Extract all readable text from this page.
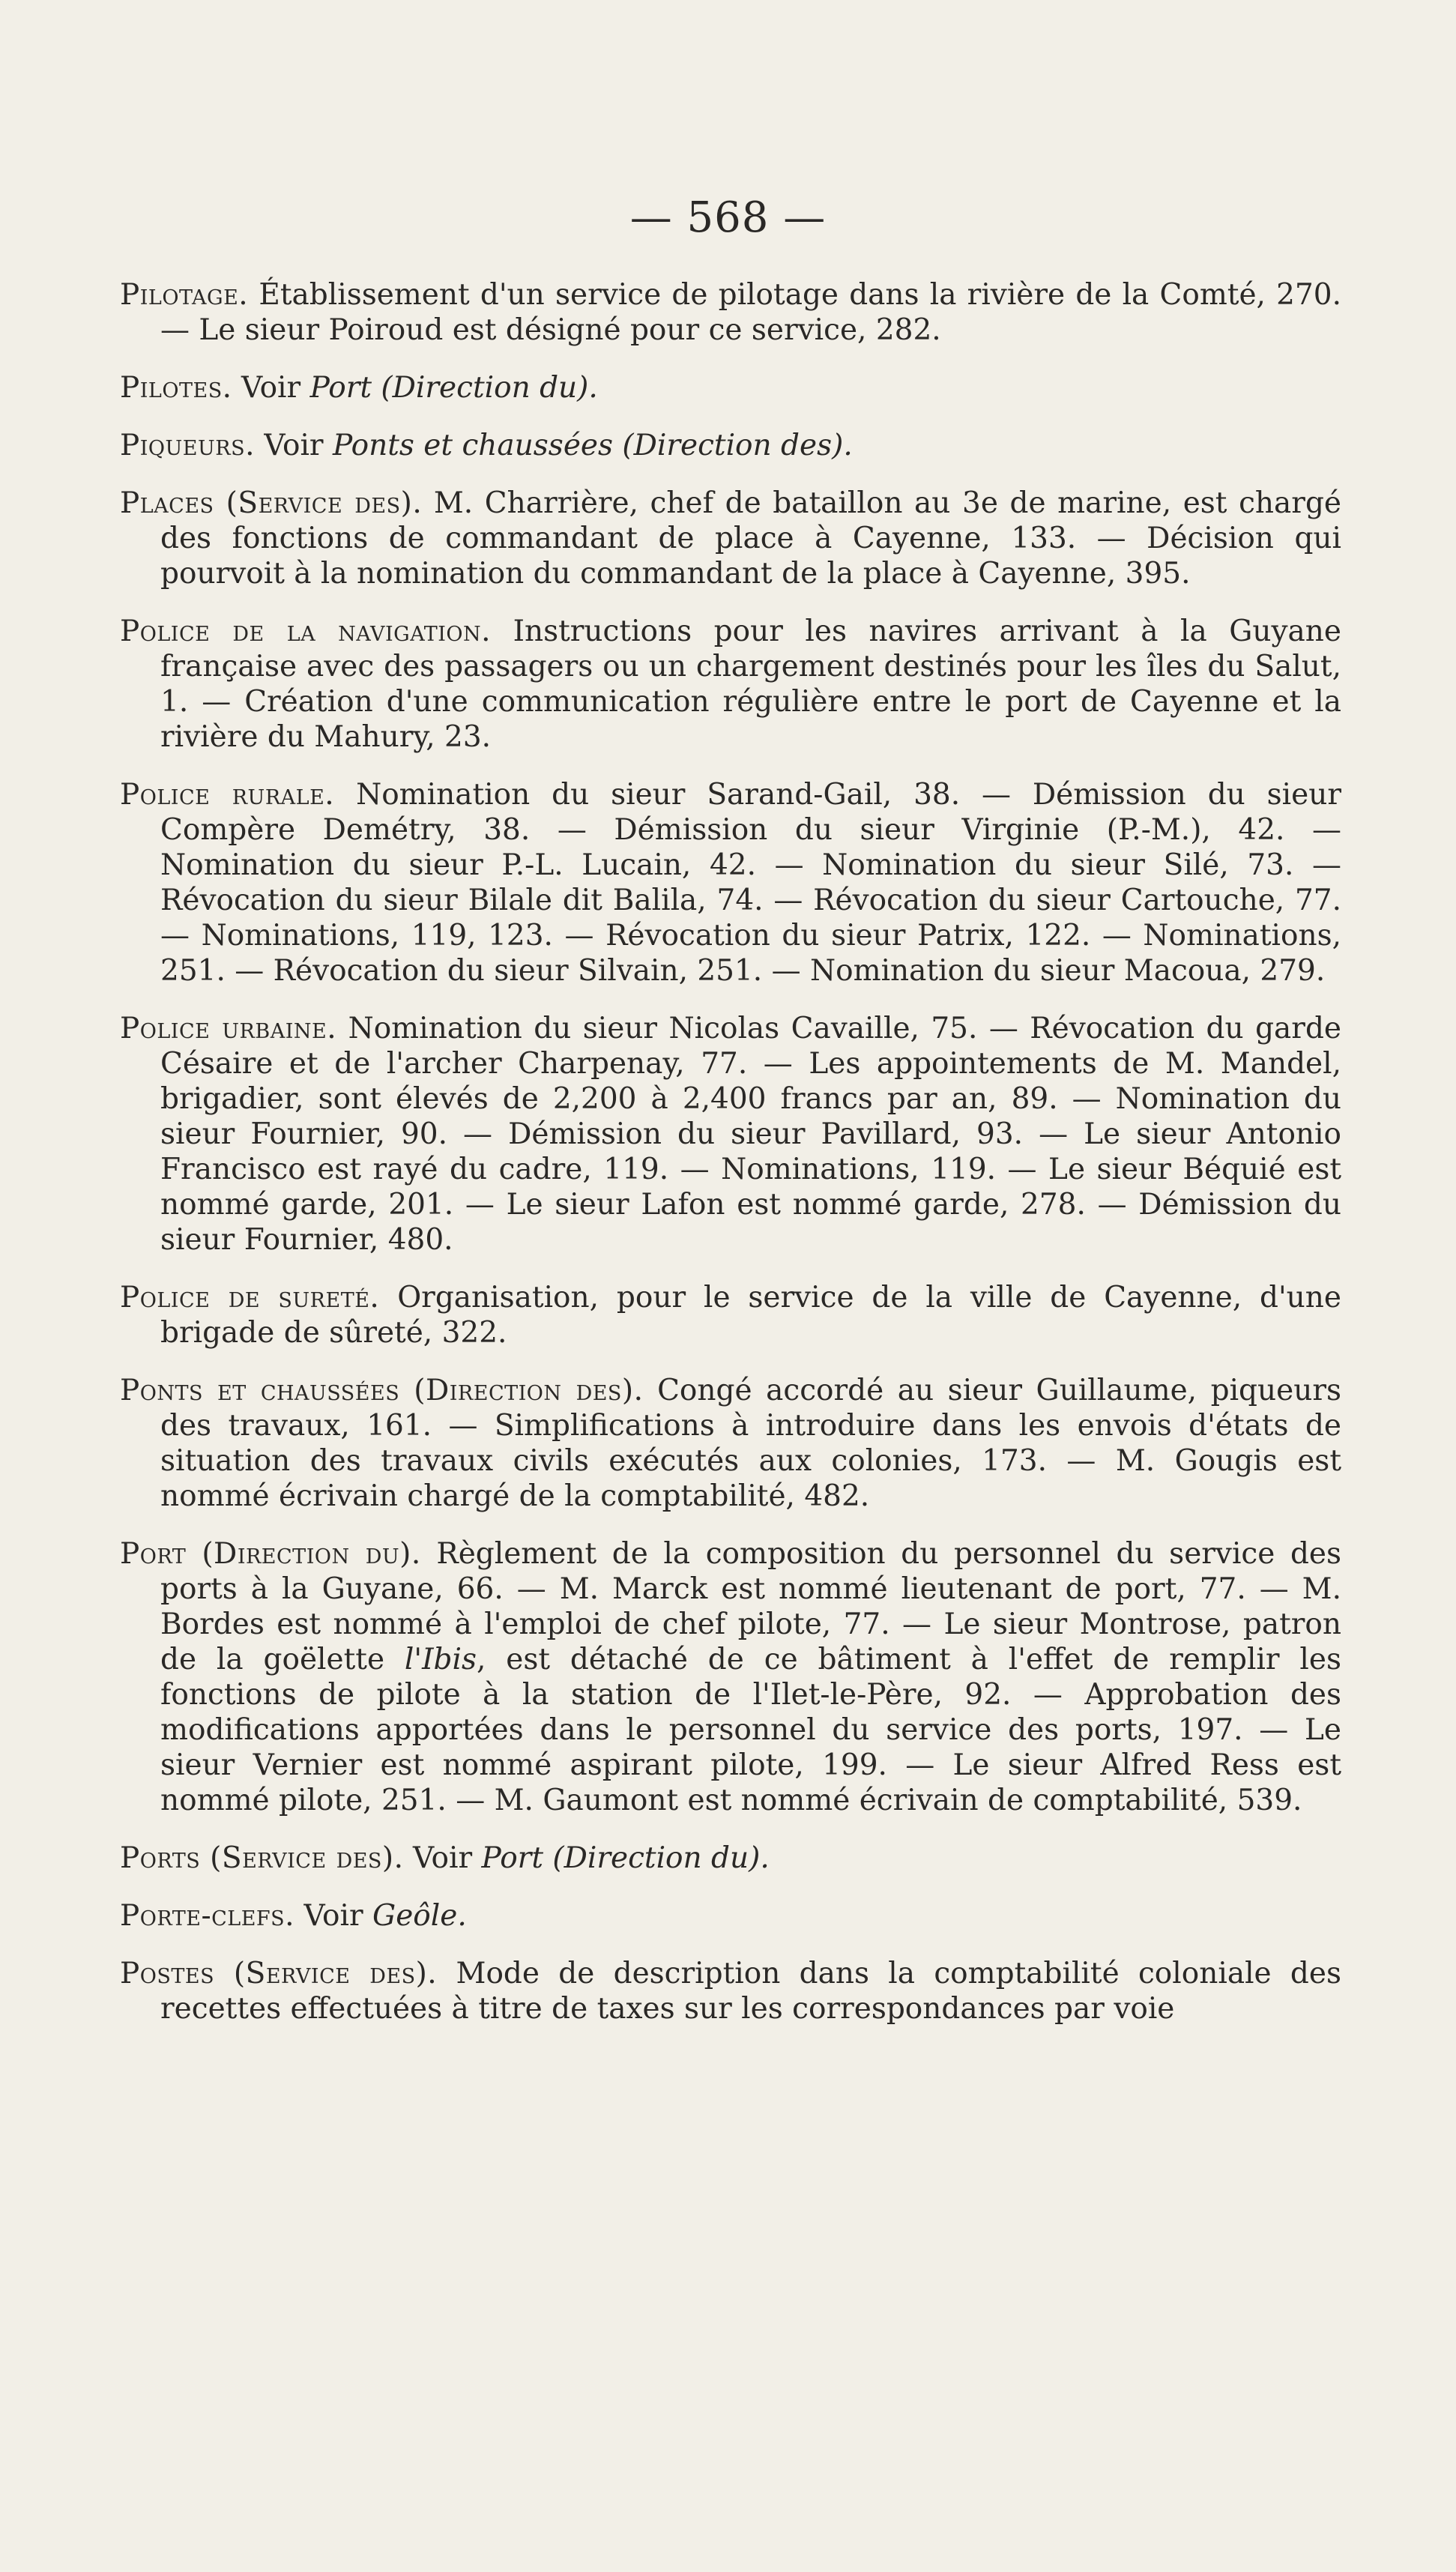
— 568 —

Pilotage. Établissement d'un service de pilotage dans la rivière de la Comté, 270. — Le sieur Poiroud est désigné pour ce service, 282.

Pilotes. Voir Port (Direction du).

Piqueurs. Voir Ponts et chaussées (Direction des).

Places (Service des). M. Charrière, chef de bataillon au 3e de marine, est chargé des fonctions de commandant de place à Cayenne, 133. — Décision qui pourvoit à la nomination du commandant de la place à Cayenne, 395.

Police de la navigation. Instructions pour les navires arrivant à la Guyane française avec des passagers ou un chargement destinés pour les îles du Salut, 1. — Création d'une communication régulière entre le port de Cayenne et la rivière du Mahury, 23.

Police rurale. Nomination du sieur Sarand-Gail, 38. — Démission du sieur Compère Demétry, 38. — Démission du sieur Virginie (P.-M.), 42. — Nomination du sieur P.-L. Lucain, 42. — Nomination du sieur Silé, 73. — Révocation du sieur Bilale dit Balila, 74. — Révocation du sieur Cartouche, 77. — Nominations, 119, 123. — Révocation du sieur Patrix, 122. — Nominations, 251. — Révocation du sieur Silvain, 251. — Nomination du sieur Macoua, 279.

Police urbaine. Nomination du sieur Nicolas Cavaille, 75. — Révocation du garde Césaire et de l'archer Charpenay, 77. — Les appointements de M. Mandel, brigadier, sont élevés de 2,200 à 2,400 francs par an, 89. — Nomination du sieur Fournier, 90. — Démission du sieur Pavillard, 93. — Le sieur Antonio Francisco est rayé du cadre, 119. — Nominations, 119. — Le sieur Béquié est nommé garde, 201. — Le sieur Lafon est nommé garde, 278. — Démission du sieur Fournier, 480.

Police de sureté. Organisation, pour le service de la ville de Cayenne, d'une brigade de sûreté, 322.

Ponts et chaussées (Direction des). Congé accordé au sieur Guillaume, piqueurs des travaux, 161. — Simplifications à introduire dans les envois d'états de situation des travaux civils exécutés aux colonies, 173. — M. Gougis est nommé écrivain chargé de la comptabilité, 482.

Port (Direction du). Règlement de la composition du personnel du service des ports à la Guyane, 66. — M. Marck est nommé lieutenant de port, 77. — M. Bordes est nommé à l'emploi de chef pilote, 77. — Le sieur Montrose, patron de la goëlette l'Ibis, est détaché de ce bâtiment à l'effet de remplir les fonctions de pilote à la station de l'Ilet-le-Père, 92. — Approbation des modifications apportées dans le personnel du service des ports, 197. — Le sieur Vernier est nommé aspirant pilote, 199. — Le sieur Alfred Ress est nommé pilote, 251. — M. Gaumont est nommé écrivain de comptabilité, 539.

Ports (Service des). Voir Port (Direction du).

Porte-clefs. Voir Geôle.

Postes (Service des). Mode de description dans la comptabilité coloniale des recettes effectuées à titre de taxes sur les correspondances par voie
